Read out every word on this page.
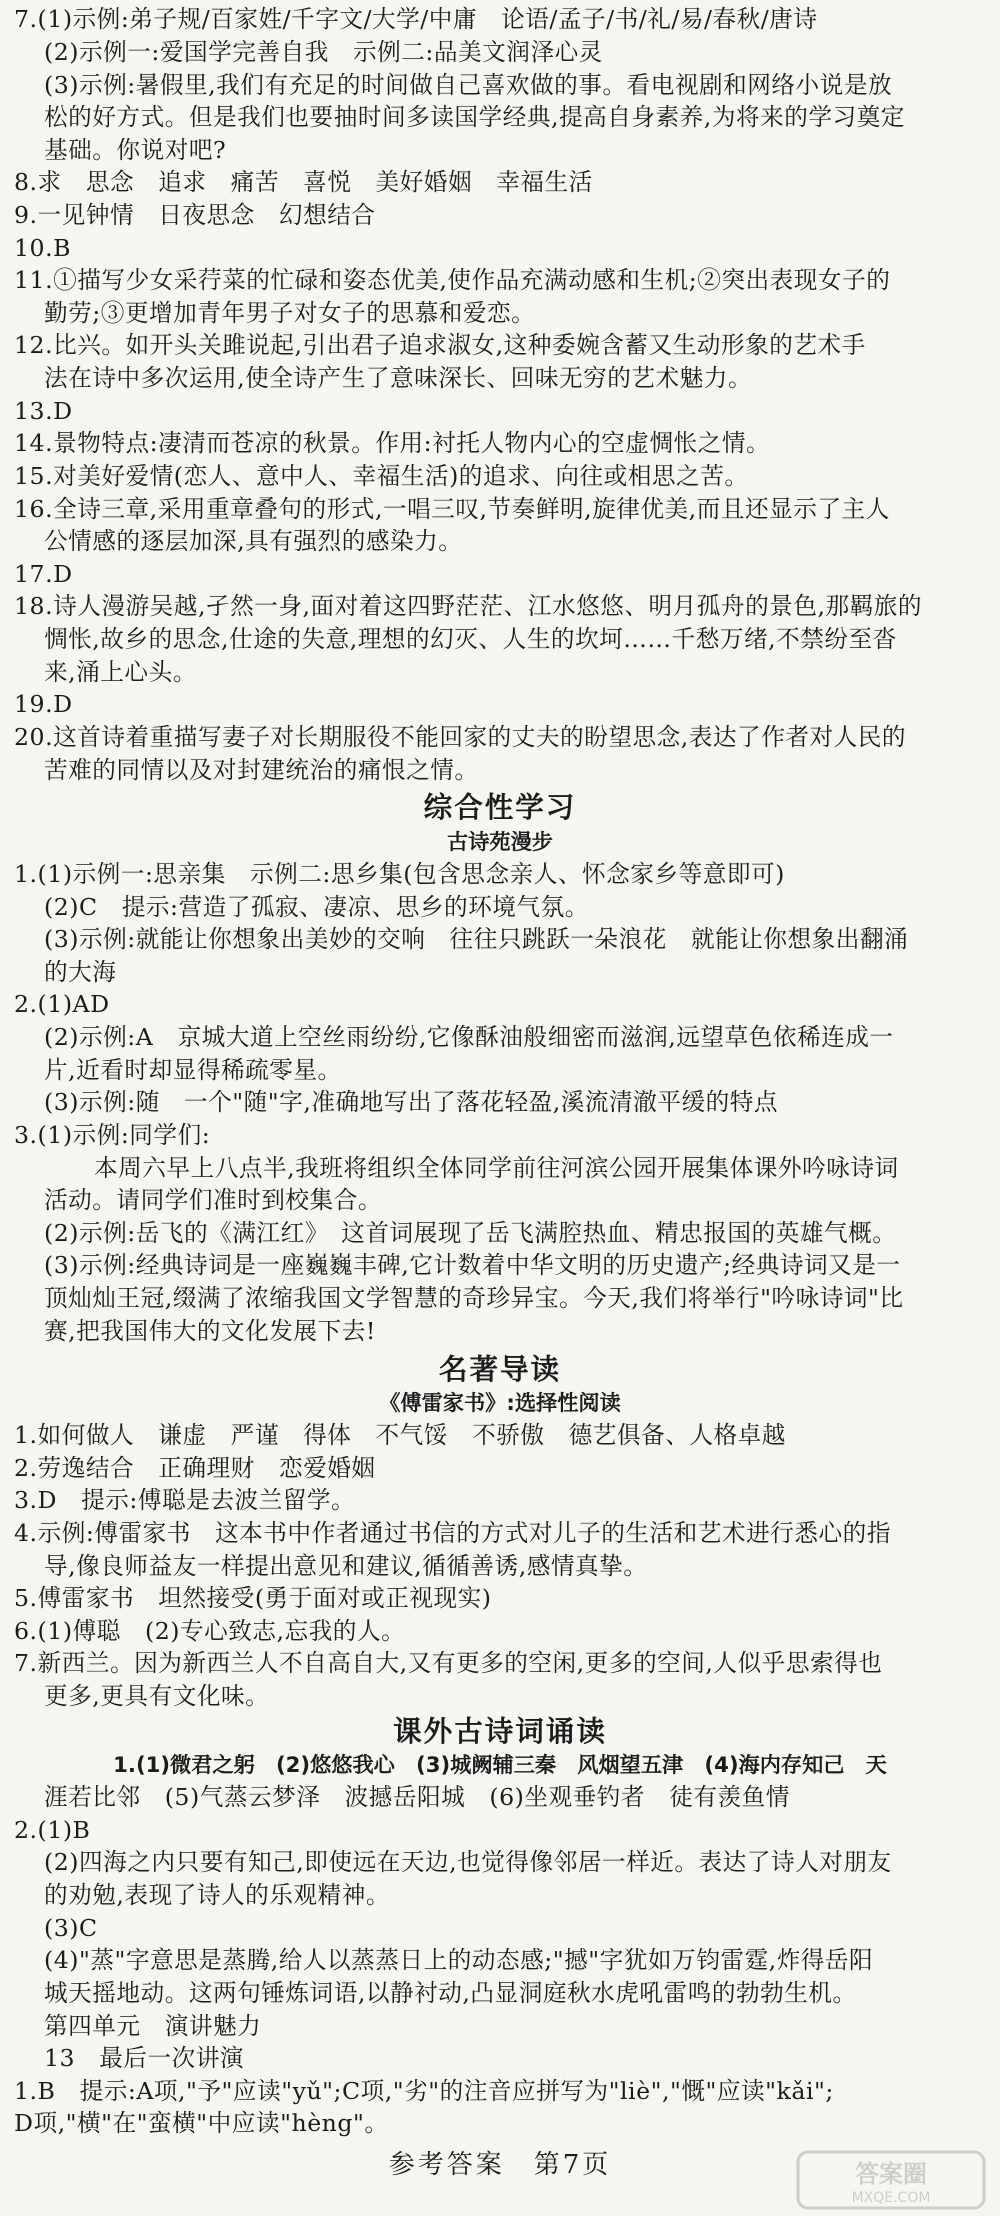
7.(1)示例:弟子规/百家姓/千字文/大学/中庸　论语/孟子/书/礼/易/春秋/唐诗
(2)示例一:爱国学完善自我　示例二:品美文润泽心灵
(3)示例:暑假里,我们有充足的时间做自己喜欢做的事。看电视剧和网络小说是放
松的好方式。但是我们也要抽时间多读国学经典,提高自身素养,为将来的学习奠定
基础。你说对吧?
8.求　思念　追求　痛苦　喜悦　美好婚姻　幸福生活
9.一见钟情　日夜思念　幻想结合
10.B
11.①描写少女采荇菜的忙碌和姿态优美,使作品充满动感和生机;②突出表现女子的
勤劳;③更增加青年男子对女子的思慕和爱恋。
12.比兴。如开头关雎说起,引出君子追求淑女,这种委婉含蓄又生动形象的艺术手
法在诗中多次运用,使全诗产生了意味深长、回味无穷的艺术魅力。
13.D
14.景物特点:凄清而苍凉的秋景。作用:衬托人物内心的空虚惆怅之情。
15.对美好爱情(恋人、意中人、幸福生活)的追求、向往或相思之苦。
16.全诗三章,采用重章叠句的形式,一唱三叹,节奏鲜明,旋律优美,而且还显示了主人
公情感的逐层加深,具有强烈的感染力。
17.D
18.诗人漫游吴越,孑然一身,面对着这四野茫茫、江水悠悠、明月孤舟的景色,那羁旅的
惆怅,故乡的思念,仕途的失意,理想的幻灭、人生的坎坷……千愁万绪,不禁纷至沓
来,涌上心头。
19.D
20.这首诗着重描写妻子对长期服役不能回家的丈夫的盼望思念,表达了作者对人民的
苦难的同情以及对封建统治的痛恨之情。
综合性学习
古诗苑漫步
1.(1)示例一:思亲集　示例二:思乡集(包含思念亲人、怀念家乡等意即可)
(2)C　提示:营造了孤寂、凄凉、思乡的环境气氛。
(3)示例:就能让你想象出美妙的交响　往往只跳跃一朵浪花　就能让你想象出翻涌
的大海
2.(1)AD
(2)示例:A　京城大道上空丝雨纷纷,它像酥油般细密而滋润,远望草色依稀连成一
片,近看时却显得稀疏零星。
(3)示例:随　一个"随"字,准确地写出了落花轻盈,溪流清澈平缓的特点
3.(1)示例:同学们:
本周六早上八点半,我班将组织全体同学前往河滨公园开展集体课外吟咏诗词
活动。请同学们准时到校集合。
(2)示例:岳飞的《满江红》　这首词展现了岳飞满腔热血、精忠报国的英雄气概。
(3)示例:经典诗词是一座巍巍丰碑,它计数着中华文明的历史遗产;经典诗词又是一
顶灿灿王冠,缀满了浓缩我国文学智慧的奇珍异宝。今天,我们将举行"吟咏诗词"比
赛,把我国伟大的文化发展下去!
名著导读
《傅雷家书》:选择性阅读
1.如何做人　谦虚　严谨　得体　不气馁　不骄傲　德艺俱备、人格卓越
2.劳逸结合　正确理财　恋爱婚姻
3.D　提示:傅聪是去波兰留学。
4.示例:傅雷家书　这本书中作者通过书信的方式对儿子的生活和艺术进行悉心的指
导,像良师益友一样提出意见和建议,循循善诱,感情真挚。
5.傅雷家书　坦然接受(勇于面对或正视现实)
6.(1)傅聪　(2)专心致志,忘我的人。
7.新西兰。因为新西兰人不自高自大,又有更多的空闲,更多的空间,人似乎思索得也
更多,更具有文化味。
课外古诗词诵读
参考答案　第7页	答案圈
MXQE.COM
1.(1)微君之躬　(2)悠悠我心　(3)城阙辅三秦　风烟望五津　(4)海内存知己　天
涯若比邻　(5)气蒸云梦泽　波撼岳阳城　(6)坐观垂钓者　徒有羡鱼情
2.(1)B
(2)四海之内只要有知己,即使远在天边,也觉得像邻居一样近。表达了诗人对朋友
的劝勉,表现了诗人的乐观精神。
(3)C
(4)"蒸"字意思是蒸腾,给人以蒸蒸日上的动态感;"撼"字犹如万钧雷霆,炸得岳阳
城天摇地动。这两句锤炼词语,以静衬动,凸显洞庭秋水虎吼雷鸣的勃勃生机。
第四单元　演讲魅力
13　最后一次讲演
1.B　提示:A项,"予"应读"yǔ";C项,"劣"的注音应拼写为"liè","慨"应读"kǎi";
D项,"横"在"蛮横"中应读"hèng"。
